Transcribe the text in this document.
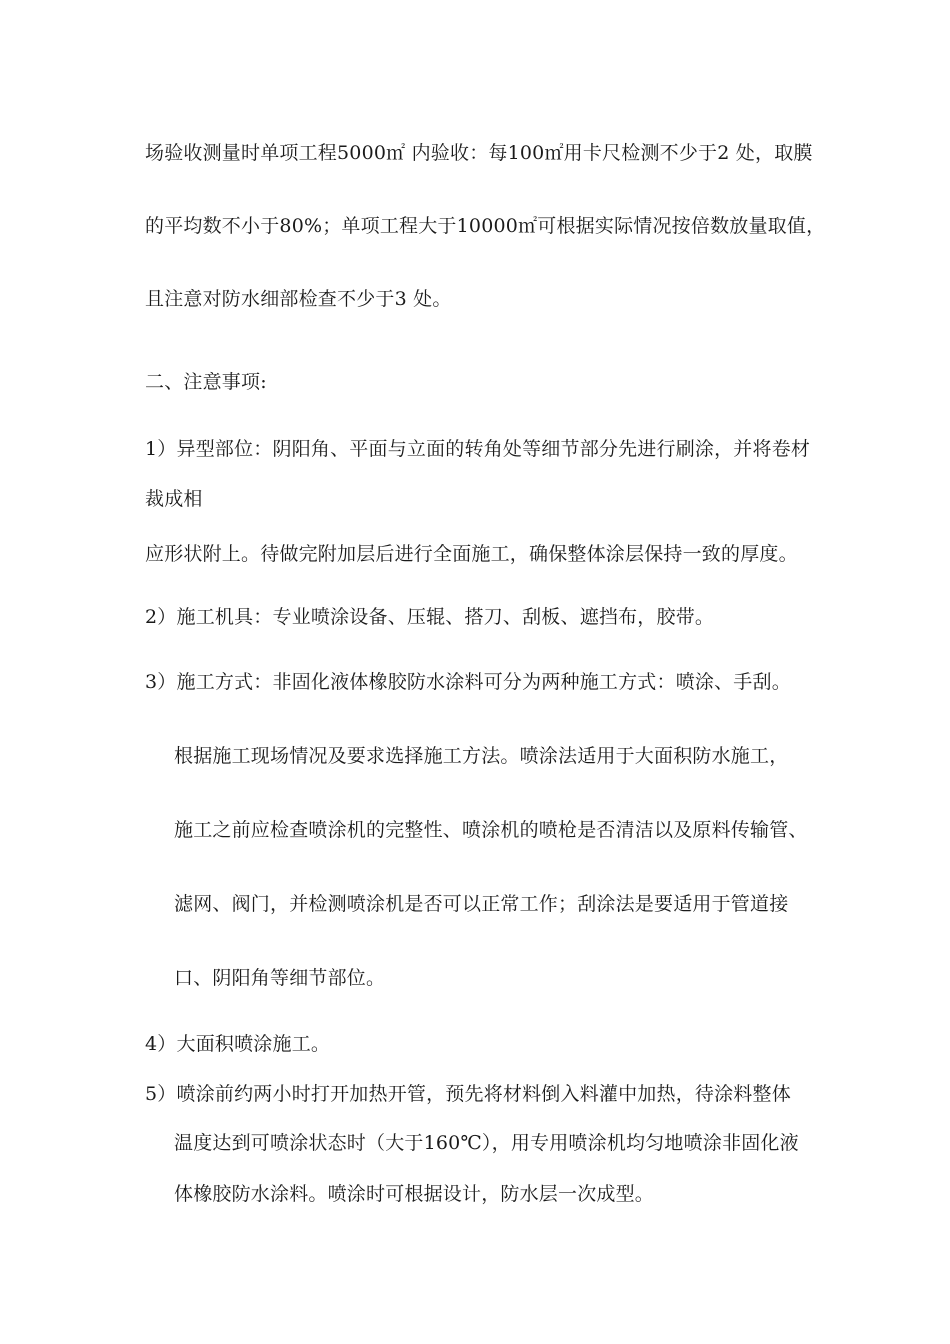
场验收测量时单项工程5000㎡ 内验收：每100㎡用卡尺检测不少于2 处，取膜
的平均数不小于80%；单项工程大于10000㎡可根据实际情况按倍数放量取值，
且注意对防水细部检查不少于3 处。
二、注意事项:
1）异型部位：阴阳角、平面与立面的转角处等细节部分先进行刷涂，并将卷材
裁成相
应形状附上。待做完附加层后进行全面施工，确保整体涂层保持一致的厚度。
2）施工机具：专业喷涂设备、压辊、搭刀、刮板、遮挡布，胶带。
3）施工方式：非固化液体橡胶防水涂料可分为两种施工方式：喷涂、手刮。
根据施工现场情况及要求选择施工方法。喷涂法适用于大面积防水施工，
施工之前应检查喷涂机的完整性、喷涂机的喷枪是否清洁以及原料传输管、
滤网、阀门，并检测喷涂机是否可以正常工作；刮涂法是要适用于管道接
口、阴阳角等细节部位。
4）大面积喷涂施工。
5）喷涂前约两小时打开加热开管，预先将材料倒入料灌中加热，待涂料整体
温度达到可喷涂状态时（大于160℃），用专用喷涂机均匀地喷涂非固化液
体橡胶防水涂料。喷涂时可根据设计，防水层一次成型。
